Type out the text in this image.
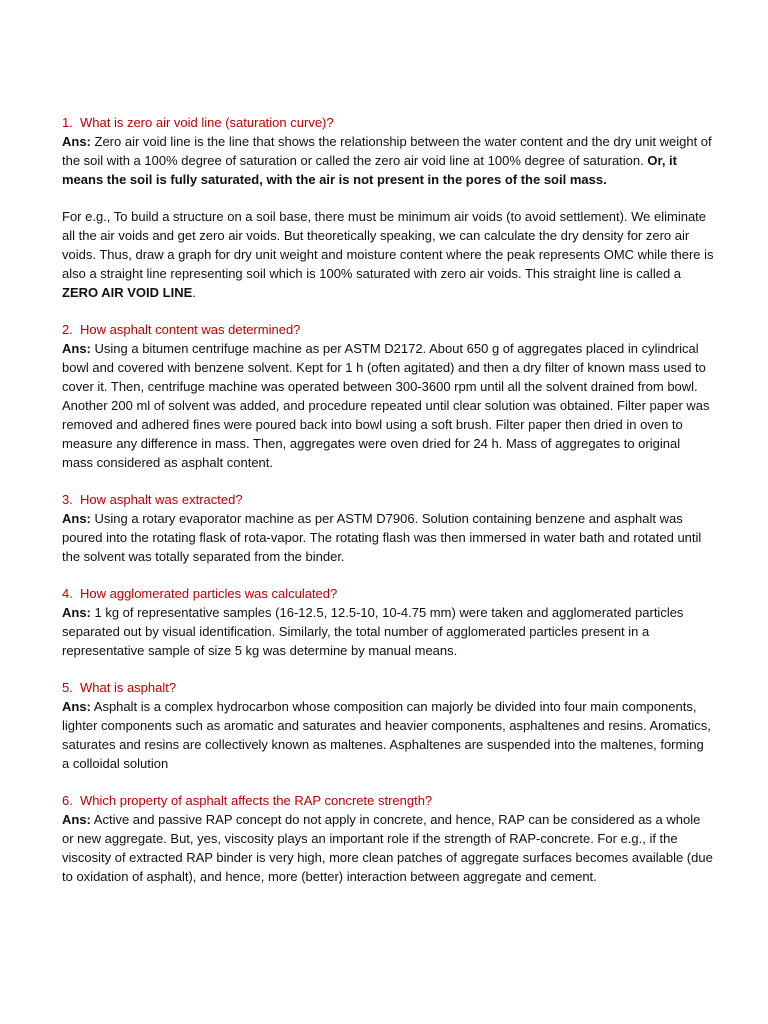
1. What is zero air void line (saturation curve)?

Ans: Zero air void line is the line that shows the relationship between the water content and the dry unit weight of the soil with a 100% degree of saturation or called the zero air void line at 100% degree of saturation. Or, it means the soil is fully saturated, with the air is not present in the pores of the soil mass.

For e.g., To build a structure on a soil base, there must be minimum air voids (to avoid settlement). We eliminate all the air voids and get zero air voids. But theoretically speaking, we can calculate the dry density for zero air voids. Thus, draw a graph for dry unit weight and moisture content where the peak represents OMC while there is also a straight line representing soil which is 100% saturated with zero air voids. This straight line is called a ZERO AIR VOID LINE.

2. How asphalt content was determined?

Ans: Using a bitumen centrifuge machine as per ASTM D2172. About 650 g of aggregates placed in cylindrical bowl and covered with benzene solvent. Kept for 1 h (often agitated) and then a dry filter of known mass used to cover it. Then, centrifuge machine was operated between 300-3600 rpm until all the solvent drained from bowl. Another 200 ml of solvent was added, and procedure repeated until clear solution was obtained. Filter paper was removed and adhered fines were poured back into bowl using a soft brush. Filter paper then dried in oven to measure any difference in mass. Then, aggregates were oven dried for 24 h. Mass of aggregates to original mass considered as asphalt content.

3. How asphalt was extracted?

Ans: Using a rotary evaporator machine as per ASTM D7906. Solution containing benzene and asphalt was poured into the rotating flask of rota-vapor. The rotating flash was then immersed in water bath and rotated until the solvent was totally separated from the binder.

4. How agglomerated particles was calculated?

Ans: 1 kg of representative samples (16-12.5, 12.5-10, 10-4.75 mm) were taken and agglomerated particles separated out by visual identification. Similarly, the total number of agglomerated particles present in a representative sample of size 5 kg was determine by manual means.

5. What is asphalt?

Ans: Asphalt is a complex hydrocarbon whose composition can majorly be divided into four main components, lighter components such as aromatic and saturates and heavier components, asphaltenes and resins. Aromatics, saturates and resins are collectively known as maltenes. Asphaltenes are suspended into the maltenes, forming a colloidal solution

6. Which property of asphalt affects the RAP concrete strength?

Ans: Active and passive RAP concept do not apply in concrete, and hence, RAP can be considered as a whole or new aggregate. But, yes, viscosity plays an important role if the strength of RAP-concrete. For e.g., if the viscosity of extracted RAP binder is very high, more clean patches of aggregate surfaces becomes available (due to oxidation of asphalt), and hence, more (better) interaction between aggregate and cement.
